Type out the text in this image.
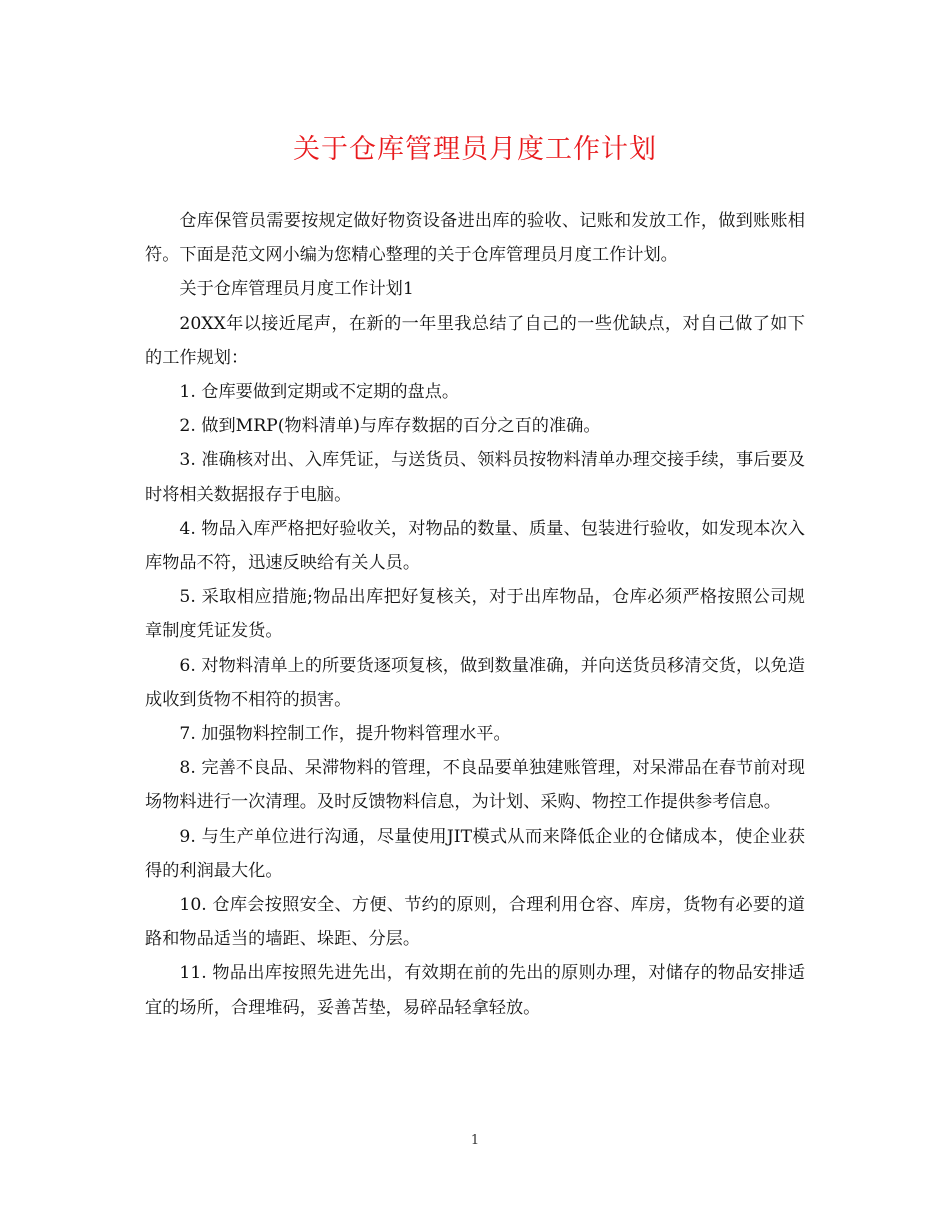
关于仓库管理员月度工作计划

仓库保管员需要按规定做好物资设备进出库的验收、记账和发放工作，做到账账相符。下面是范文网小编为您精心整理的关于仓库管理员月度工作计划。

关于仓库管理员月度工作计划1

20XX年以接近尾声，在新的一年里我总结了自己的一些优缺点，对自己做了如下的工作规划：

1. 仓库要做到定期或不定期的盘点。

2. 做到MRP(物料清单)与库存数据的百分之百的准确。

3. 准确核对出、入库凭证，与送货员、领料员按物料清单办理交接手续，事后要及时将相关数据报存于电脑。

4. 物品入库严格把好验收关，对物品的数量、质量、包装进行验收，如发现本次入库物品不符，迅速反映给有关人员。

5. 采取相应措施;物品出库把好复核关，对于出库物品，仓库必须严格按照公司规章制度凭证发货。

6. 对物料清单上的所要货逐项复核，做到数量准确，并向送货员移清交货，以免造成收到货物不相符的损害。

7. 加强物料控制工作，提升物料管理水平。

8. 完善不良品、呆滞物料的管理，不良品要单独建账管理，对呆滞品在春节前对现场物料进行一次清理。及时反馈物料信息，为计划、采购、物控工作提供参考信息。

9. 与生产单位进行沟通，尽量使用JIT模式从而来降低企业的仓储成本，使企业获得的利润最大化。

10. 仓库会按照安全、方便、节约的原则，合理利用仓容、库房，货物有必要的道路和物品适当的墙距、垛距、分层。

11. 物品出库按照先进先出，有效期在前的先出的原则办理，对储存的物品安排适宜的场所，合理堆码，妥善苫垫，易碎品轻拿轻放。

1
